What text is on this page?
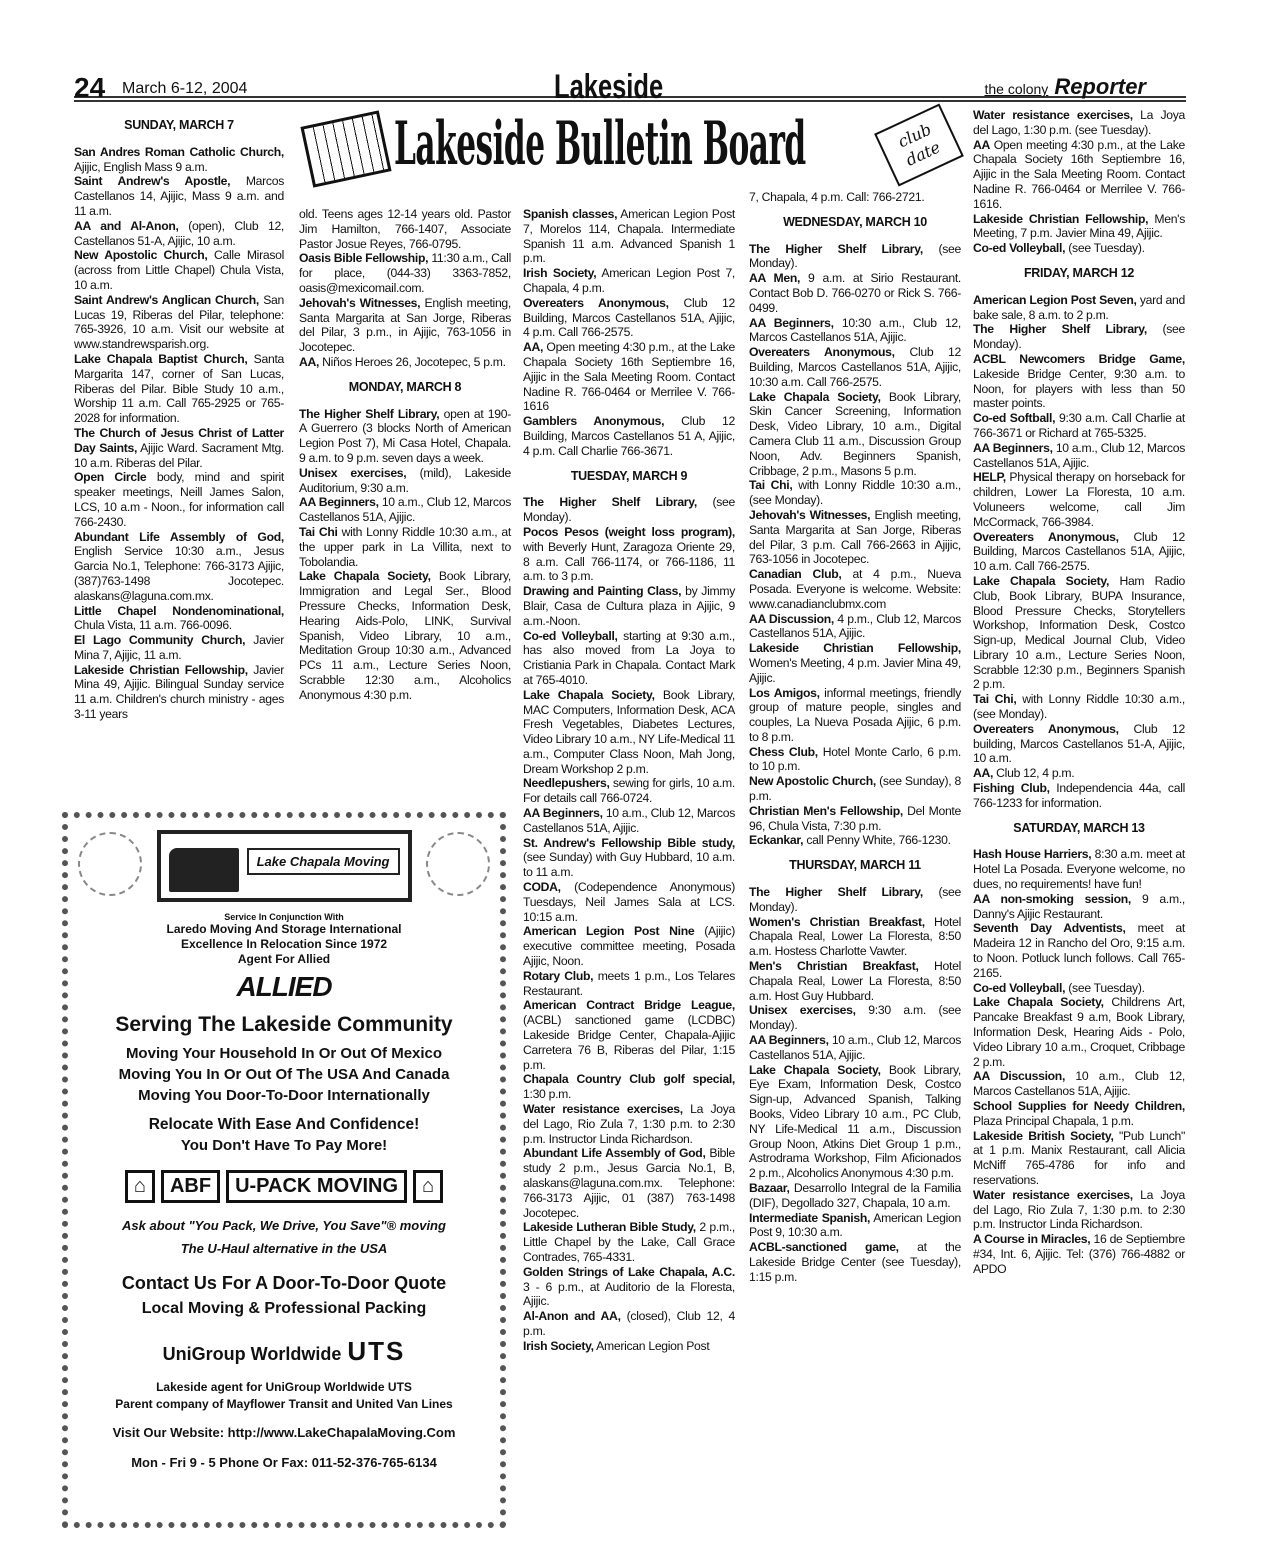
24 March 6-12, 2004	Lakeside	the colony Reporter
Lakeside Bulletin Board	club date
SUNDAY, MARCH 7

San Andres Roman Catholic Church, Ajijic, English Mass 9 a.m.

Saint Andrew's Apostle, Marcos Castellanos 14, Ajijic, Mass 9 a.m. and 11 a.m.

AA and Al-Anon, (open), Club 12, Castellanos 51-A, Ajijic, 10 a.m.

New Apostolic Church, Calle Mirasol (across from Little Chapel) Chula Vista, 10 a.m.

Saint Andrew's Anglican Church, San Lucas 19, Riberas del Pilar, telephone: 765-3926, 10 a.m. Visit our website at www.standrewsparish.org.

Lake Chapala Baptist Church, Santa Margarita 147, corner of San Lucas, Riberas del Pilar. Bible Study 10 a.m., Worship 11 a.m. Call 765-2925 or 765-2028 for information.

The Church of Jesus Christ of Latter Day Saints, Ajijic Ward. Sacrament Mtg. 10 a.m. Riberas del Pilar.

Open Circle body, mind and spirit speaker meetings, Neill James Salon, LCS, 10 a.m - Noon., for information call 766-2430.

Abundant Life Assembly of God, English Service 10:30 a.m., Jesus Garcia No.1, Telephone: 766-3173 Ajijic, (387)763-1498 Jocotepec. alaskans@laguna.com.mx.

Little Chapel Nondenominational, Chula Vista, 11 a.m. 766-0096.

El Lago Community Church, Javier Mina 7, Ajijic, 11 a.m.

Lakeside Christian Fellowship, Javier Mina 49, Ajijic. Bilingual Sunday service 11 a.m. Children's church ministry - ages 3-11 years

old. Teens ages 12-14 years old. Pastor Jim Hamilton, 766-1407, Associate Pastor Josue Reyes, 766-0795.

Oasis Bible Fellowship, 11:30 a.m., Call for place, (044-33) 3363-7852, oasis@mexicomail.com.

Jehovah's Witnesses, English meeting, Santa Margarita at San Jorge, Riberas del Pilar, 3 p.m., in Ajijic, 763-1056 in Jocotepec.

AA, Niños Heroes 26, Jocotepec, 5 p.m.

MONDAY, MARCH 8

The Higher Shelf Library, open at 190-A Guerrero (3 blocks North of American Legion Post 7), Mi Casa Hotel, Chapala. 9 a.m. to 9 p.m. seven days a week.

Unisex exercises, (mild), Lakeside Auditorium, 9:30 a.m.

AA Beginners, 10 a.m., Club 12, Marcos Castellanos 51A, Ajijic.

Tai Chi with Lonny Riddle 10:30 a.m., at the upper park in La Villita, next to Tobolandia.

Lake Chapala Society, Book Library, Immigration and Legal Ser., Blood Pressure Checks, Information Desk, Hearing Aids-Polo, LINK, Survival Spanish, Video Library, 10 a.m., Meditation Group 10:30 a.m., Advanced PCs 11 a.m., Lecture Series Noon, Scrabble 12:30 a.m., Alcoholics Anonymous 4:30 p.m.

Spanish classes, American Legion Post 7, Morelos 114, Chapala. Intermediate Spanish 11 a.m. Advanced Spanish 1 p.m.

Irish Society, American Legion Post 7, Chapala, 4 p.m.

Overeaters Anonymous, Club 12 Building, Marcos Castellanos 51A, Ajijic, 4 p.m. Call 766-2575.

AA, Open meeting 4:30 p.m., at the Lake Chapala Society 16th Septiembre 16, Ajijic in the Sala Meeting Room. Contact Nadine R. 766-0464 or Merrilee V. 766-1616

Gamblers Anonymous, Club 12 Building, Marcos Castellanos 51 A, Ajijic, 4 p.m. Call Charlie 766-3671.

TUESDAY, MARCH 9

The Higher Shelf Library, (see Monday).

Pocos Pesos (weight loss program), with Beverly Hunt, Zaragoza Oriente 29, 8 a.m. Call 766-1174, or 766-1186, 11 a.m. to 3 p.m.

Drawing and Painting Class, by Jimmy Blair, Casa de Cultura plaza in Ajijic, 9 a.m.-Noon.

Co-ed Volleyball, starting at 9:30 a.m., has also moved from La Joya to Cristiania Park in Chapala. Contact Mark at 765-4010.

Lake Chapala Society, Book Library, MAC Computers, Information Desk, ACA Fresh Vegetables, Diabetes Lectures, Video Library 10 a.m., NY Life-Medical 11 a.m., Computer Class Noon, Mah Jong, Dream Workshop 2 p.m.

Needlepushers, sewing for girls, 10 a.m. For details call 766-0724.

AA Beginners, 10 a.m., Club 12, Marcos Castellanos 51A, Ajijic.

St. Andrew's Fellowship Bible study, (see Sunday) with Guy Hubbard, 10 a.m. to 11 a.m.

CODA, (Codependence Anonymous) Tuesdays, Neil James Sala at LCS. 10:15 a.m.

American Legion Post Nine (Ajijic) executive committee meeting, Posada Ajijic, Noon.

Rotary Club, meets 1 p.m., Los Telares Restaurant.

American Contract Bridge League, (ACBL) sanctioned game (LCDBC) Lakeside Bridge Center, Chapala-Ajijic Carretera 76 B, Riberas del Pilar, 1:15 p.m.

Chapala Country Club golf special, 1:30 p.m.

Water resistance exercises, La Joya del Lago, Rio Zula 7, 1:30 p.m. to 2:30 p.m. Instructor Linda Richardson.

Abundant Life Assembly of God, Bible study 2 p.m., Jesus Garcia No.1, B, alaskans@laguna.com.mx. Telephone: 766-3173 Ajijic, 01 (387) 763-1498 Jocotepec.

Lakeside Lutheran Bible Study, 2 p.m., Little Chapel by the Lake, Call Grace Contrades, 765-4331.

Golden Strings of Lake Chapala, A.C. 3 - 6 p.m., at Auditorio de la Floresta, Ajijic.

Al-Anon and AA, (closed), Club 12, 4 p.m.

Irish Society, American Legion Post

7, Chapala, 4 p.m. Call: 766-2721.

WEDNESDAY, MARCH 10

The Higher Shelf Library, (see Monday).

AA Men, 9 a.m. at Sirio Restaurant. Contact Bob D. 766-0270 or Rick S. 766-0499.

AA Beginners, 10:30 a.m., Club 12, Marcos Castellanos 51A, Ajijic.

Overeaters Anonymous, Club 12 Building, Marcos Castellanos 51A, Ajijic, 10:30 a.m. Call 766-2575.

Lake Chapala Society, Book Library, Skin Cancer Screening, Information Desk, Video Library, 10 a.m., Digital Camera Club 11 a.m., Discussion Group Noon, Adv. Beginners Spanish, Cribbage, 2 p.m., Masons 5 p.m.

Tai Chi, with Lonny Riddle 10:30 a.m., (see Monday).

Jehovah's Witnesses, English meeting, Santa Margarita at San Jorge, Riberas del Pilar, 3 p.m. Call 766-2663 in Ajijic, 763-1056 in Jocotepec.

Canadian Club, at 4 p.m., Nueva Posada. Everyone is welcome. Website: www.canadianclubmx.com

AA Discussion, 4 p.m., Club 12, Marcos Castellanos 51A, Ajijic.

Lakeside Christian Fellowship, Women's Meeting, 4 p.m. Javier Mina 49, Ajijic.

Los Amigos, informal meetings, friendly group of mature people, singles and couples, La Nueva Posada Ajijic, 6 p.m. to 8 p.m.

Chess Club, Hotel Monte Carlo, 6 p.m. to 10 p.m.

New Apostolic Church, (see Sunday), 8 p.m.

Christian Men's Fellowship, Del Monte 96, Chula Vista, 7:30 p.m.

Eckankar, call Penny White, 766-1230.

THURSDAY, MARCH 11

The Higher Shelf Library, (see Monday).

Women's Christian Breakfast, Hotel Chapala Real, Lower La Floresta, 8:50 a.m. Hostess Charlotte Vawter.

Men's Christian Breakfast, Hotel Chapala Real, Lower La Floresta, 8:50 a.m. Host Guy Hubbard.

Unisex exercises, 9:30 a.m. (see Monday).

AA Beginners, 10 a.m., Club 12, Marcos Castellanos 51A, Ajijic.

Lake Chapala Society, Book Library, Eye Exam, Information Desk, Costco Sign-up, Advanced Spanish, Talking Books, Video Library 10 a.m., PC Club, NY Life-Medical 11 a.m., Discussion Group Noon, Atkins Diet Group 1 p.m., Astrodrama Workshop, Film Aficionados 2 p.m., Alcoholics Anonymous 4:30 p.m.

Bazaar, Desarrollo Integral de la Familia (DIF), Degollado 327, Chapala, 10 a.m.

Intermediate Spanish, American Legion Post 9, 10:30 a.m.

ACBL-sanctioned game, at the Lakeside Bridge Center (see Tuesday), 1:15 p.m.

Water resistance exercises, La Joya del Lago, 1:30 p.m. (see Tuesday).

AA Open meeting 4:30 p.m., at the Lake Chapala Society 16th Septiembre 16, Ajijic in the Sala Meeting Room. Contact Nadine R. 766-0464 or Merrilee V. 766-1616.

Lakeside Christian Fellowship, Men's Meeting, 7 p.m. Javier Mina 49, Ajijic.

Co-ed Volleyball, (see Tuesday).

FRIDAY, MARCH 12

American Legion Post Seven, yard and bake sale, 8 a.m. to 2 p.m.

The Higher Shelf Library, (see Monday).

ACBL Newcomers Bridge Game, Lakeside Bridge Center, 9:30 a.m. to Noon, for players with less than 50 master points.

Co-ed Softball, 9:30 a.m. Call Charlie at 766-3671 or Richard at 765-5325.

AA Beginners, 10 a.m., Club 12, Marcos Castellanos 51A, Ajijic.

HELP, Physical therapy on horseback for children, Lower La Floresta, 10 a.m. Voluneers welcome, call Jim McCormack, 766-3984.

Overeaters Anonymous, Club 12 Building, Marcos Castellanos 51A, Ajijic, 10 a.m. Call 766-2575.

Lake Chapala Society, Ham Radio Club, Book Library, BUPA Insurance, Blood Pressure Checks, Storytellers Workshop, Information Desk, Costco Sign-up, Medical Journal Club, Video Library 10 a.m., Lecture Series Noon, Scrabble 12:30 p.m., Beginners Spanish 2 p.m.

Tai Chi, with Lonny Riddle 10:30 a.m., (see Monday).

Overeaters Anonymous, Club 12 building, Marcos Castellanos 51-A, Ajijic, 10 a.m.

AA, Club 12, 4 p.m.

Fishing Club, Independencia 44a, call 766-1233 for information.

SATURDAY, MARCH 13

Hash House Harriers, 8:30 a.m. meet at Hotel La Posada. Everyone welcome, no dues, no requirements! have fun!

AA non-smoking session, 9 a.m., Danny's Ajijic Restaurant.

Seventh Day Adventists, meet at Madeira 12 in Rancho del Oro, 9:15 a.m. to Noon. Potluck lunch follows. Call 765-2165.

Co-ed Volleyball, (see Tuesday).

Lake Chapala Society, Childrens Art, Pancake Breakfast 9 a.m, Book Library, Information Desk, Hearing Aids - Polo, Video Library 10 a.m., Croquet, Cribbage 2 p.m.

AA Discussion, 10 a.m., Club 12, Marcos Castellanos 51A, Ajijic.

School Supplies for Needy Children, Plaza Principal Chapala, 1 p.m.

Lakeside British Society, "Pub Lunch" at 1 p.m. Manix Restaurant, call Alicia McNiff 765-4786 for info and reservations.

Water resistance exercises, La Joya del Lago, Rio Zula 7, 1:30 p.m. to 2:30 p.m. Instructor Linda Richardson.

A Course in Miracles, 16 de Septiembre #34, Int. 6, Ajijic. Tel: (376) 766-4882 or APDO

Lake Chapala Moving
Service In Conjunction With
Laredo Moving And Storage International
Excellence In Relocation Since 1972
Agent For Allied
ALLIED
Serving The Lakeside Community
Moving Your Household In Or Out Of Mexico
Moving You In Or Out Of The USA And Canada
Moving You Door-To-Door Internationally
Relocate With Ease And Confidence!
You Don't Have To Pay More!
⌂	ABF	U-PACK MOVING	⌂
Ask about "You Pack, We Drive, You Save"® moving
The U-Haul alternative in the USA
Contact Us For A Door-To-Door Quote
Local Moving & Professional Packing
UniGroup Worldwide UTS
Lakeside agent for UniGroup Worldwide UTS
Parent company of Mayflower Transit and United Van Lines
Visit Our Website: http://www.LakeChapalaMoving.Com
Mon - Fri 9 - 5 Phone Or Fax: 011-52-376-765-6134
